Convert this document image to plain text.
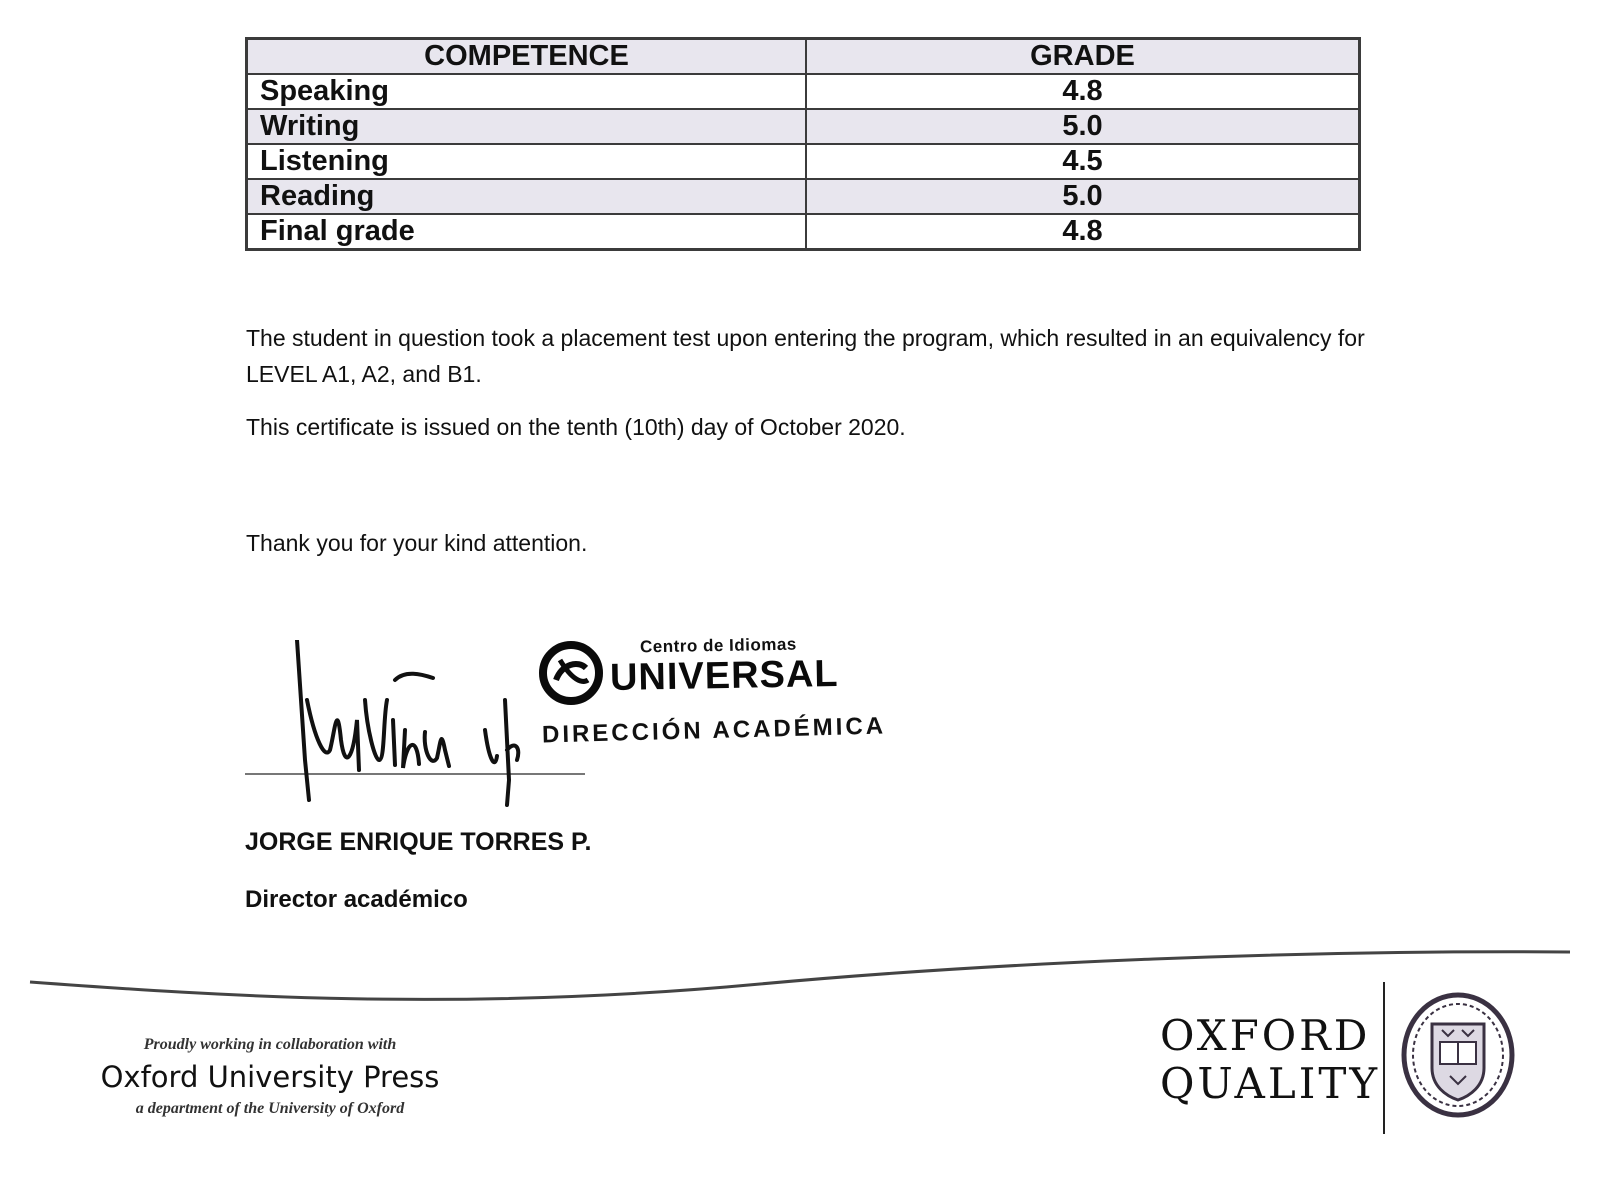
COMPETENCE	GRADE
Speaking	4.8
Writing	5.0
Listening	4.5
Reading	5.0
Final grade	4.8

The student in question took a placement test upon entering the program, which resulted in an equivalency for LEVEL A1, A2, and B1.

This certificate is issued on the tenth (10th) day of October 2020.

Thank you for your kind attention.

Centro de Idiomas
UNIVERSAL
DIRECCIÓN ACADÉMICA

JORGE ENRIQUE TORRES P.

Director académico

Proudly working in collaboration with
Oxford University Press
a department of the University of Oxford
OXFORD
QUALITY
